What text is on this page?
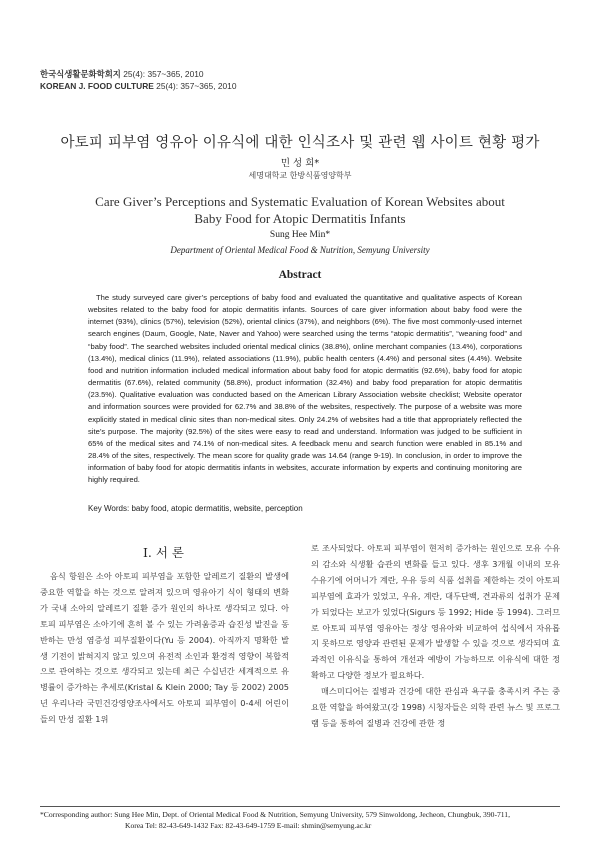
한국식생활문화학회지 25(4): 357~365, 2010
KOREAN J. FOOD CULTURE 25(4): 357~365, 2010
아토피 피부염 영유아 이유식에 대한 인식조사 및 관련 웹 사이트 현황 평가
민 성 희*
세명대학교 한방식품영양학부
Care Giver’s Perceptions and Systematic Evaluation of Korean Websites about
Baby Food for Atopic Dermatitis Infants
Sung Hee Min*
Department of Oriental Medical Food & Nutrition, Semyung University
Abstract
The study surveyed care giver’s perceptions of baby food and evaluated the quantitative and qualitative aspects of Korean websites related to the baby food for atopic dermatitis infants. Sources of care giver information about baby food were the internet (93%), clinics (57%), television (52%), oriental clinics (37%), and neighbors (6%). The five most commonly-used internet search engines (Daum, Google, Nate, Naver and Yahoo) were searched using the terms “atopic dermatitis”, “weaning food” and “baby food”. The searched websites included oriental medical clinics (38.8%), online merchant companies (13.4%), corporations (13.4%), medical clinics (11.9%), related associations (11.9%), public health centers (4.4%) and personal sites (4.4%). Website food and nutrition information included medical information about baby food for atopic dermatitis (92.6%), baby food for atopic dermatitis (67.6%), related community (58.8%), product information (32.4%) and baby food preparation for atopic dermatitis (23.5%). Qualitative evaluation was conducted based on the American Library Association website checklist; Website operator and information sources were provided for 62.7% and 38.8% of the websites, respectively. The purpose of a website was more explicitly stated in medical clinic sites than non-medical sites. Only 24.2% of websites had a title that appropriately reflected the site’s purpose. The majority (92.5%) of the sites were easy to read and understand. Information was judged to be sufficient in 65% of the medical sites and 74.1% of non-medical sites. A feedback menu and search function were enabled in 85.1% and 28.4% of the sites, respectively. The mean score for quality grade was 14.64 (range 9-19). In conclusion, in order to improve the information of baby food for atopic dermatitis infants in websites, accurate information by experts and continuing monitoring are highly required.
Key Words: baby food, atopic dermatitis, website, perception
I. 서 론
음식 항원은 소아 아토피 피부염을 포함한 알레르기 질환의 발생에 중요한 역할을 하는 것으로 알려져 있으며 영유아기 식이 형태의 변화가 국내 소아의 알레르기 질환 증가 원인의 하나로 생각되고 있다. 아토피 피부염은 소아기에 흔히 볼 수 있는 가려움증과 습진성 발진을 동반하는 만성 염증성 피부질환이다(Yu 등 2004). 아직까지 명확한 발생 기전이 밝혀지지 않고 있으며 유전적 소인과 환경적 영향이 복합적으로 관여하는 것으로 생각되고 있는데 최근 수십년간 세계적으로 유병률이 증가하는 추세로(Kristal & Klein 2000; Tay 등 2002) 2005년 우리나라 국민건강영양조사에서도 아토피 피부염이 0-4세 어린이들의 만성 질환 1위
로 조사되었다. 아토피 피부염이 현저히 증가하는 원인으로 모유 수유의 감소와 식생활 습관의 변화를 들고 있다. 생후 3개월 이내의 모유 수유기에 어머니가 계란, 우유 등의 식품 섭취를 제한하는 것이 아토피 피부염에 효과가 있었고, 우유, 계란, 대두단백, 견과류의 섭취가 문제가 되었다는 보고가 있었다(Sigurs 등 1992; Hide 등 1994). 그러므로 아토피 피부염 영유아는 정상 영유아와 비교하여 섭식에서 자유롭지 못하므로 영양과 관련된 문제가 발생할 수 있을 것으로 생각되며 효과적인 이유식을 통하여 개선과 예방이 가능하므로 이유식에 대한 정확하고 다양한 정보가 필요하다.
매스미디어는 질병과 건강에 대한 관심과 욕구를 충족시켜 주는 중요한 역할을 하여왔고(강 1998) 시청자들은 의학 관련 뉴스 및 프로그램 등을 통하여 질병과 건강에 관한 정
*Corresponding author: Sung Hee Min, Dept. of Oriental Medical Food & Nutrition, Semyung University, 579 Sinwoldong, Jecheon, Chungbuk, 390-711,
Korea Tel: 82-43-649-1432 Fax: 82-43-649-1759 E-mail: shmin@semyung.ac.kr
